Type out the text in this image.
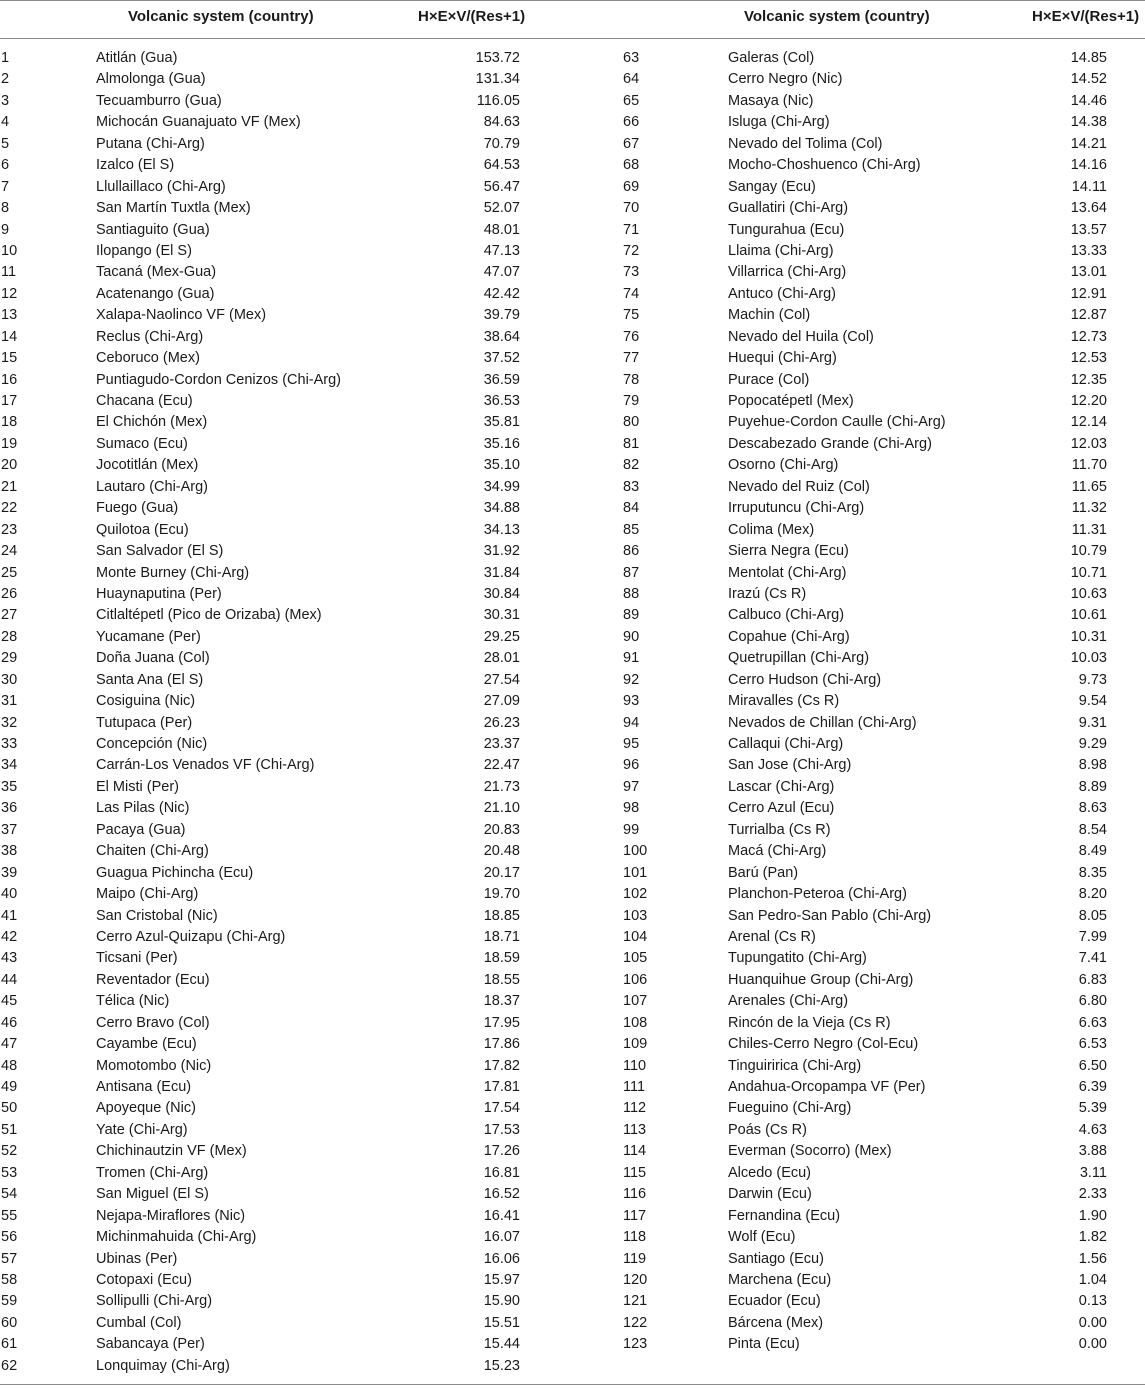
Volcanic system (country)	H×E×V/(Res+1)	Volcanic system (country)	H×E×V/(Res+1)
1	Atitlán (Gua)	153.72
2	Almolonga (Gua)	131.34
3	Tecuamburro (Gua)	116.05
4	Michocán Guanajuato VF (Mex)	84.63
5	Putana (Chi-Arg)	70.79
6	Izalco (El S)	64.53
7	Llullaillaco (Chi-Arg)	56.47
8	San Martín Tuxtla (Mex)	52.07
9	Santiaguito (Gua)	48.01
10	Ilopango (El S)	47.13
11	Tacaná (Mex-Gua)	47.07
12	Acatenango (Gua)	42.42
13	Xalapa-Naolinco VF (Mex)	39.79
14	Reclus (Chi-Arg)	38.64
15	Ceboruco (Mex)	37.52
16	Puntiagudo-Cordon Cenizos (Chi-Arg)	36.59
17	Chacana (Ecu)	36.53
18	El Chichón (Mex)	35.81
19	Sumaco (Ecu)	35.16
20	Jocotitlán (Mex)	35.10
21	Lautaro (Chi-Arg)	34.99
22	Fuego (Gua)	34.88
23	Quilotoa (Ecu)	34.13
24	San Salvador (El S)	31.92
25	Monte Burney (Chi-Arg)	31.84
26	Huaynaputina (Per)	30.84
27	Citlaltépetl (Pico de Orizaba) (Mex)	30.31
28	Yucamane (Per)	29.25
29	Doña Juana (Col)	28.01
30	Santa Ana (El S)	27.54
31	Cosiguina (Nic)	27.09
32	Tutupaca (Per)	26.23
33	Concepción (Nic)	23.37
34	Carrán-Los Venados VF (Chi-Arg)	22.47
35	El Misti (Per)	21.73
36	Las Pilas (Nic)	21.10
37	Pacaya (Gua)	20.83
38	Chaiten (Chi-Arg)	20.48
39	Guagua Pichincha (Ecu)	20.17
40	Maipo (Chi-Arg)	19.70
41	San Cristobal (Nic)	18.85
42	Cerro Azul-Quizapu (Chi-Arg)	18.71
43	Ticsani (Per)	18.59
44	Reventador (Ecu)	18.55
45	Télica (Nic)	18.37
46	Cerro Bravo (Col)	17.95
47	Cayambe (Ecu)	17.86
48	Momotombo (Nic)	17.82
49	Antisana (Ecu)	17.81
50	Apoyeque (Nic)	17.54
51	Yate (Chi-Arg)	17.53
52	Chichinautzin VF (Mex)	17.26
53	Tromen (Chi-Arg)	16.81
54	San Miguel (El S)	16.52
55	Nejapa-Miraflores (Nic)	16.41
56	Michinmahuida (Chi-Arg)	16.07
57	Ubinas (Per)	16.06
58	Cotopaxi (Ecu)	15.97
59	Sollipulli (Chi-Arg)	15.90
60	Cumbal (Col)	15.51
61	Sabancaya (Per)	15.44
62	Lonquimay (Chi-Arg)	15.23
63	Galeras (Col)	14.85
64	Cerro Negro (Nic)	14.52
65	Masaya (Nic)	14.46
66	Isluga (Chi-Arg)	14.38
67	Nevado del Tolima (Col)	14.21
68	Mocho-Choshuenco (Chi-Arg)	14.16
69	Sangay (Ecu)	14.11
70	Guallatiri (Chi-Arg)	13.64
71	Tungurahua (Ecu)	13.57
72	Llaima (Chi-Arg)	13.33
73	Villarrica (Chi-Arg)	13.01
74	Antuco (Chi-Arg)	12.91
75	Machin (Col)	12.87
76	Nevado del Huila (Col)	12.73
77	Huequi (Chi-Arg)	12.53
78	Purace (Col)	12.35
79	Popocatépetl (Mex)	12.20
80	Puyehue-Cordon Caulle (Chi-Arg)	12.14
81	Descabezado Grande (Chi-Arg)	12.03
82	Osorno (Chi-Arg)	11.70
83	Nevado del Ruiz (Col)	11.65
84	Irruputuncu (Chi-Arg)	11.32
85	Colima (Mex)	11.31
86	Sierra Negra (Ecu)	10.79
87	Mentolat (Chi-Arg)	10.71
88	Irazú (Cs R)	10.63
89	Calbuco (Chi-Arg)	10.61
90	Copahue (Chi-Arg)	10.31
91	Quetrupillan (Chi-Arg)	10.03
92	Cerro Hudson (Chi-Arg)	9.73
93	Miravalles (Cs R)	9.54
94	Nevados de Chillan (Chi-Arg)	9.31
95	Callaqui (Chi-Arg)	9.29
96	San Jose (Chi-Arg)	8.98
97	Lascar (Chi-Arg)	8.89
98	Cerro Azul (Ecu)	8.63
99	Turrialba (Cs R)	8.54
100	Macá (Chi-Arg)	8.49
101	Barú (Pan)	8.35
102	Planchon-Peteroa (Chi-Arg)	8.20
103	San Pedro-San Pablo (Chi-Arg)	8.05
104	Arenal (Cs R)	7.99
105	Tupungatito (Chi-Arg)	7.41
106	Huanquihue Group (Chi-Arg)	6.83
107	Arenales (Chi-Arg)	6.80
108	Rincón de la Vieja (Cs R)	6.63
109	Chiles-Cerro Negro (Col-Ecu)	6.53
110	Tinguiririca (Chi-Arg)	6.50
111	Andahua-Orcopampa VF (Per)	6.39
112	Fueguino (Chi-Arg)	5.39
113	Poás (Cs R)	4.63
114	Everman (Socorro) (Mex)	3.88
115	Alcedo (Ecu)	3.11
116	Darwin (Ecu)	2.33
117	Fernandina (Ecu)	1.90
118	Wolf (Ecu)	1.82
119	Santiago (Ecu)	1.56
120	Marchena (Ecu)	1.04
121	Ecuador (Ecu)	0.13
122	Bárcena (Mex)	0.00
123	Pinta (Ecu)	0.00
